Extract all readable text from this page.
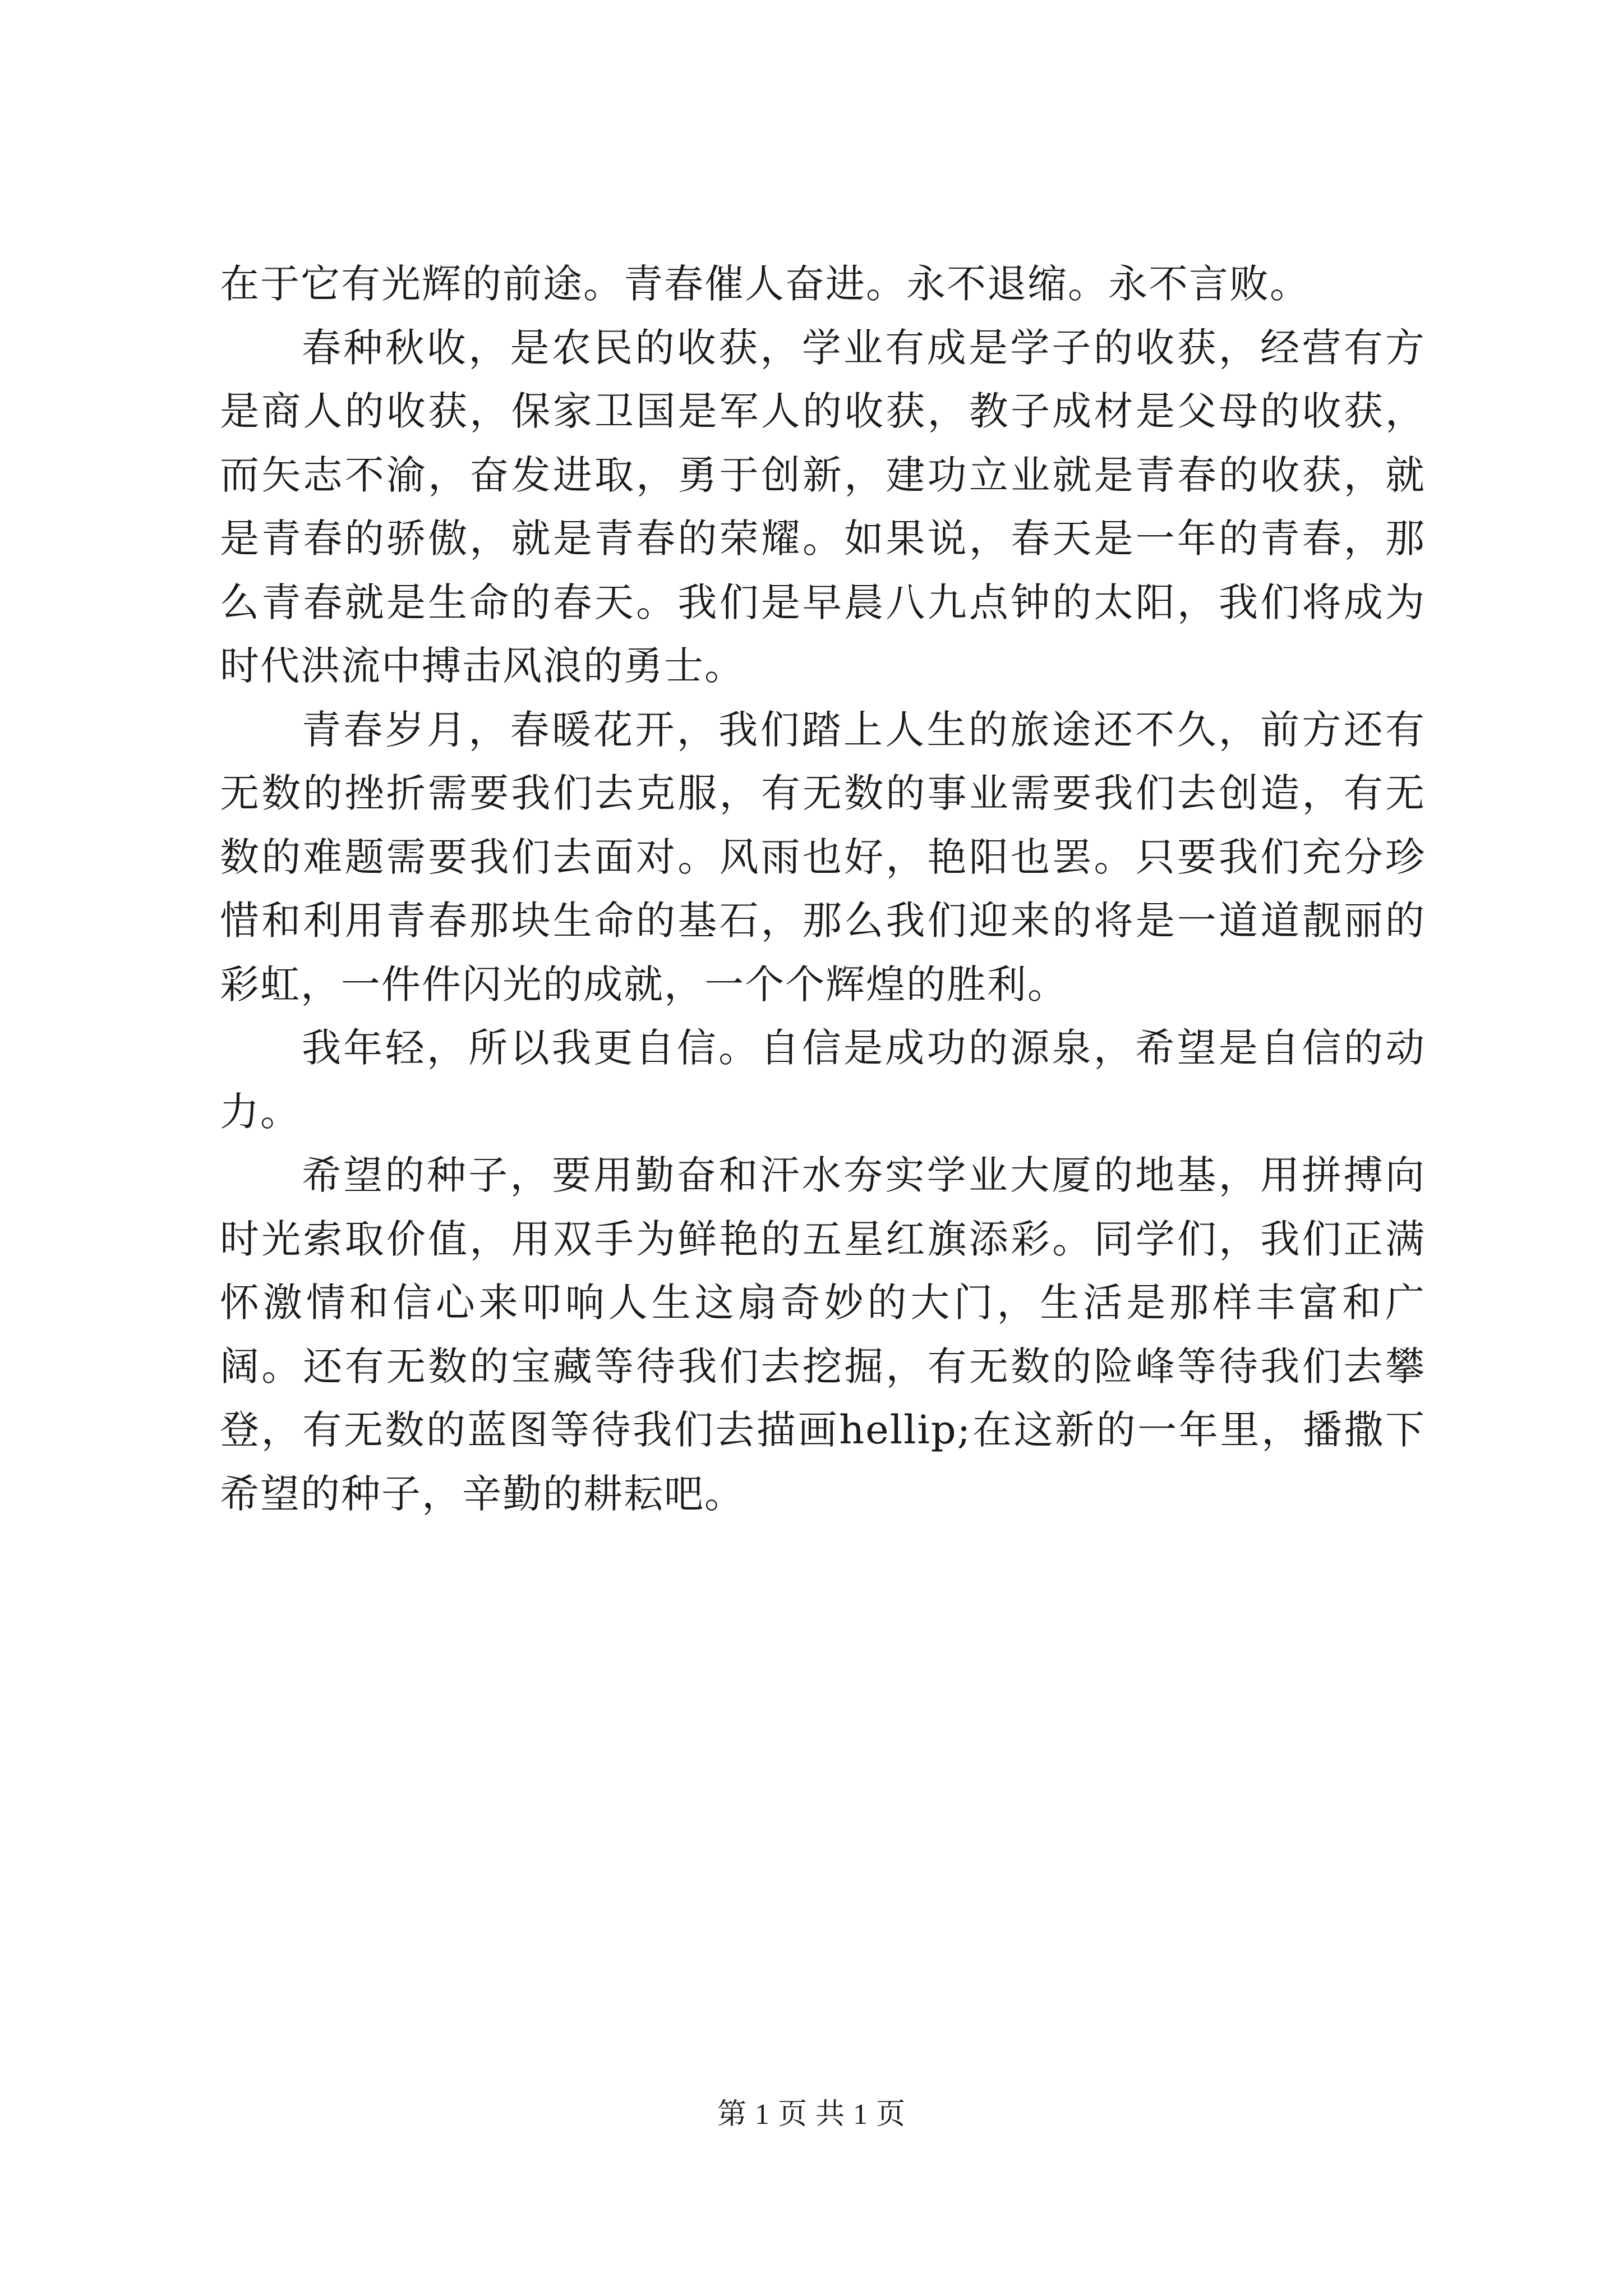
在于它有光辉的前途。青春催人奋进。永不退缩。永不言败。

春种秋收，是农民的收获，学业有成是学子的收获，经营有方是商人的收获，保家卫国是军人的收获，教子成材是父母的收获，而矢志不渝，奋发进取，勇于创新，建功立业就是青春的收获，就是青春的骄傲，就是青春的荣耀。如果说，春天是一年的青春，那么青春就是生命的春天。我们是早晨八九点钟的太阳，我们将成为时代洪流中搏击风浪的勇士。

青春岁月，春暖花开，我们踏上人生的旅途还不久，前方还有无数的挫折需要我们去克服，有无数的事业需要我们去创造，有无数的难题需要我们去面对。风雨也好，艳阳也罢。只要我们充分珍惜和利用青春那块生命的基石，那么我们迎来的将是一道道靓丽的彩虹，一件件闪光的成就，一个个辉煌的胜利。

我年轻，所以我更自信。自信是成功的源泉，希望是自信的动力。

希望的种子，要用勤奋和汗水夯实学业大厦的地基，用拼搏向时光索取价值，用双手为鲜艳的五星红旗添彩。同学们，我们正满怀激情和信心来叩响人生这扇奇妙的大门，生活是那样丰富和广阔。还有无数的宝藏等待我们去挖掘，有无数的险峰等待我们去攀登，有无数的蓝图等待我们去描画hellip;在这新的一年里，播撒下希望的种子，辛勤的耕耘吧。

第 1 页 共 1 页
